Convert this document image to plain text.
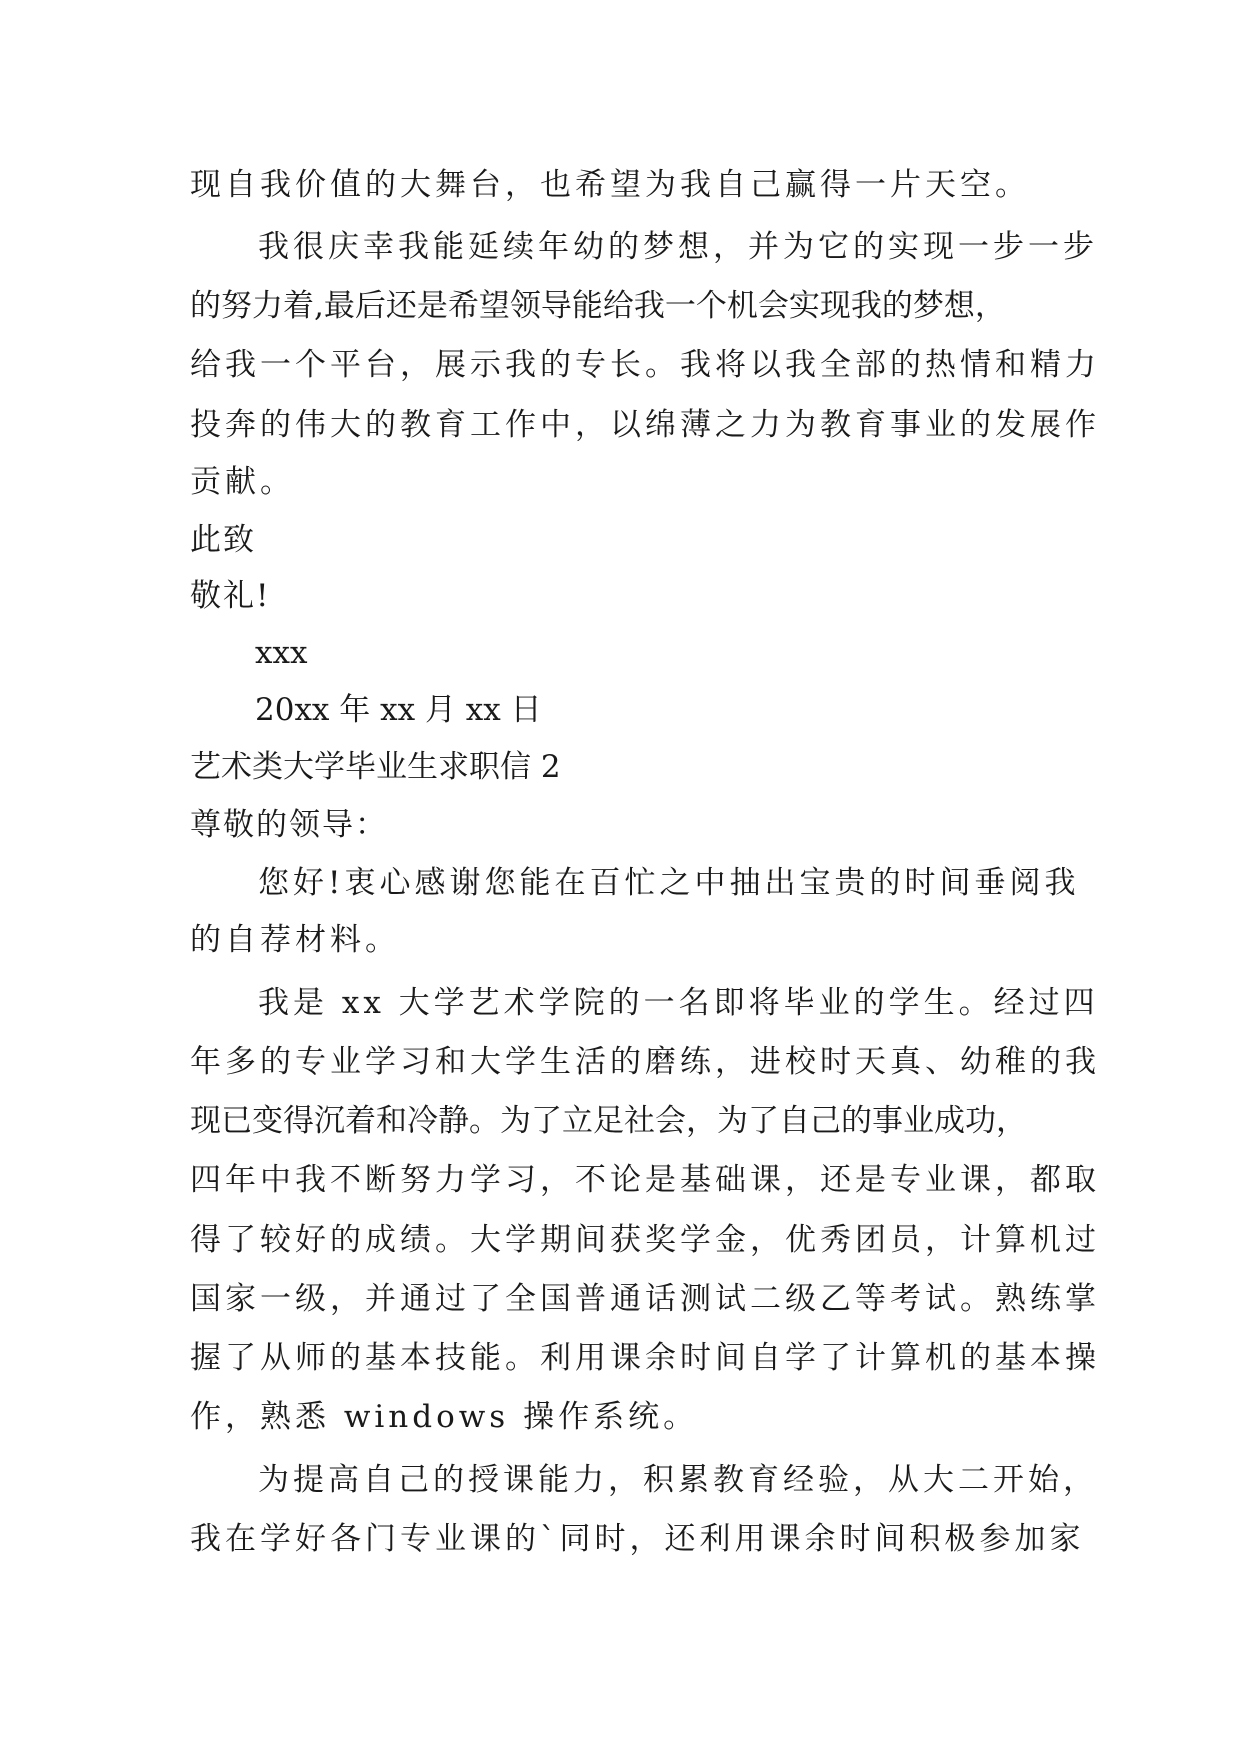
现自我价值的大舞台，也希望为我自己赢得一片天空。

我很庆幸我能延续年幼的梦想，并为它的实现一步一步

的努力着,最后还是希望领导能给我一个机会实现我的梦想，

给我一个平台，展示我的专长。我将以我全部的热情和精力

投奔的伟大的教育工作中，以绵薄之力为教育事业的发展作

贡献。

此致

敬礼!

xxx

20xx 年 xx 月 xx 日

艺术类大学毕业生求职信 2

尊敬的领导：

您好!衷心感谢您能在百忙之中抽出宝贵的时间垂阅我

的自荐材料。

我是 xx 大学艺术学院的一名即将毕业的学生。经过四

年多的专业学习和大学生活的磨练，进校时天真、幼稚的我

现已变得沉着和冷静。为了立足社会，为了自己的事业成功，

四年中我不断努力学习，不论是基础课，还是专业课，都取

得了较好的成绩。大学期间获奖学金，优秀团员，计算机过

国家一级，并通过了全国普通话测试二级乙等考试。熟练掌

握了从师的基本技能。利用课余时间自学了计算机的基本操

作，熟悉 windows 操作系统。

为提高自己的授课能力，积累教育经验，从大二开始，

我在学好各门专业课的`同时，还利用课余时间积极参加家
